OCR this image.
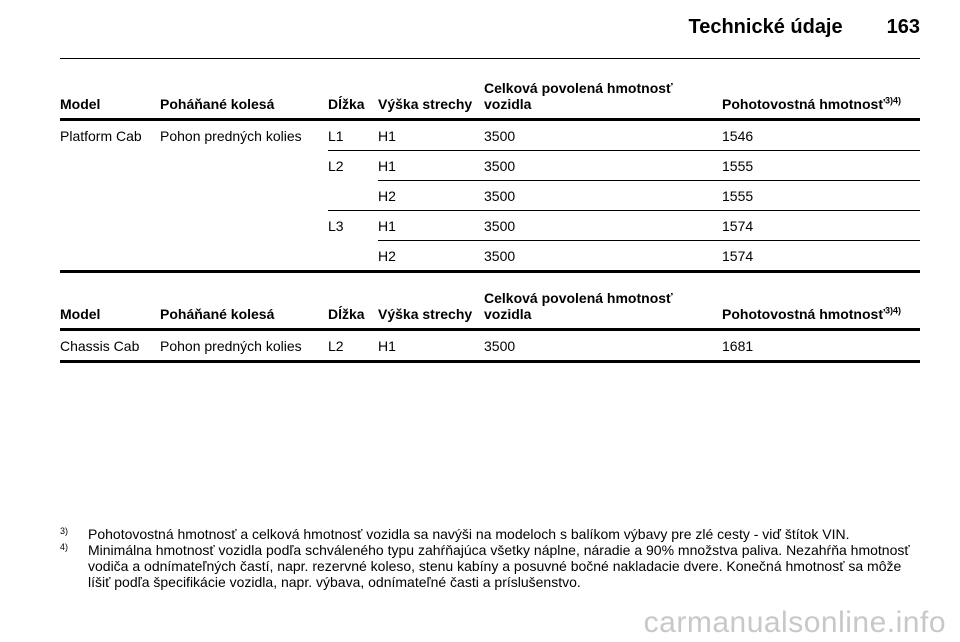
Technické údaje 163
Model	Poháňané kolesá	Dĺžka	Výška strechy	Celková povolená hmotnosť
vozidla	Pohotovostná hmotnosť$^{3)4)}$
Platform Cab	Pohon predných kolies	L1	H1	3500	1546
		L2	H1	3500	1555
			H2	3500	1555
		L3	H1	3500	1574
			H2	3500	1574
Model	Poháňané kolesá	Dĺžka	Výška strechy	Celková povolená hmotnosť
vozidla	Pohotovostná hmotnosť$^{3)4)}$
Chassis Cab	Pohon predných kolies	L2	H1	3500	1681
3)	Pohotovostná hmotnosť a celková hmotnosť vozidla sa navýši na modeloch s balíkom výbavy pre zlé cesty - viď štítok VIN.
4)	Minimálna hmotnosť vozidla podľa schváleného typu zahŕňajúca všetky náplne, náradie a 90% množstva paliva. Nezahŕňa hmotnosť vodiča a odnímateľných častí, napr. rezervné koleso, stenu kabíny a posuvné bočné nakladacie dvere. Konečná hmotnosť sa môže líšiť podľa špecifikácie vozidla, napr. výbava, odnímateľné časti a príslušenstvo.
carmanualsonline.info
